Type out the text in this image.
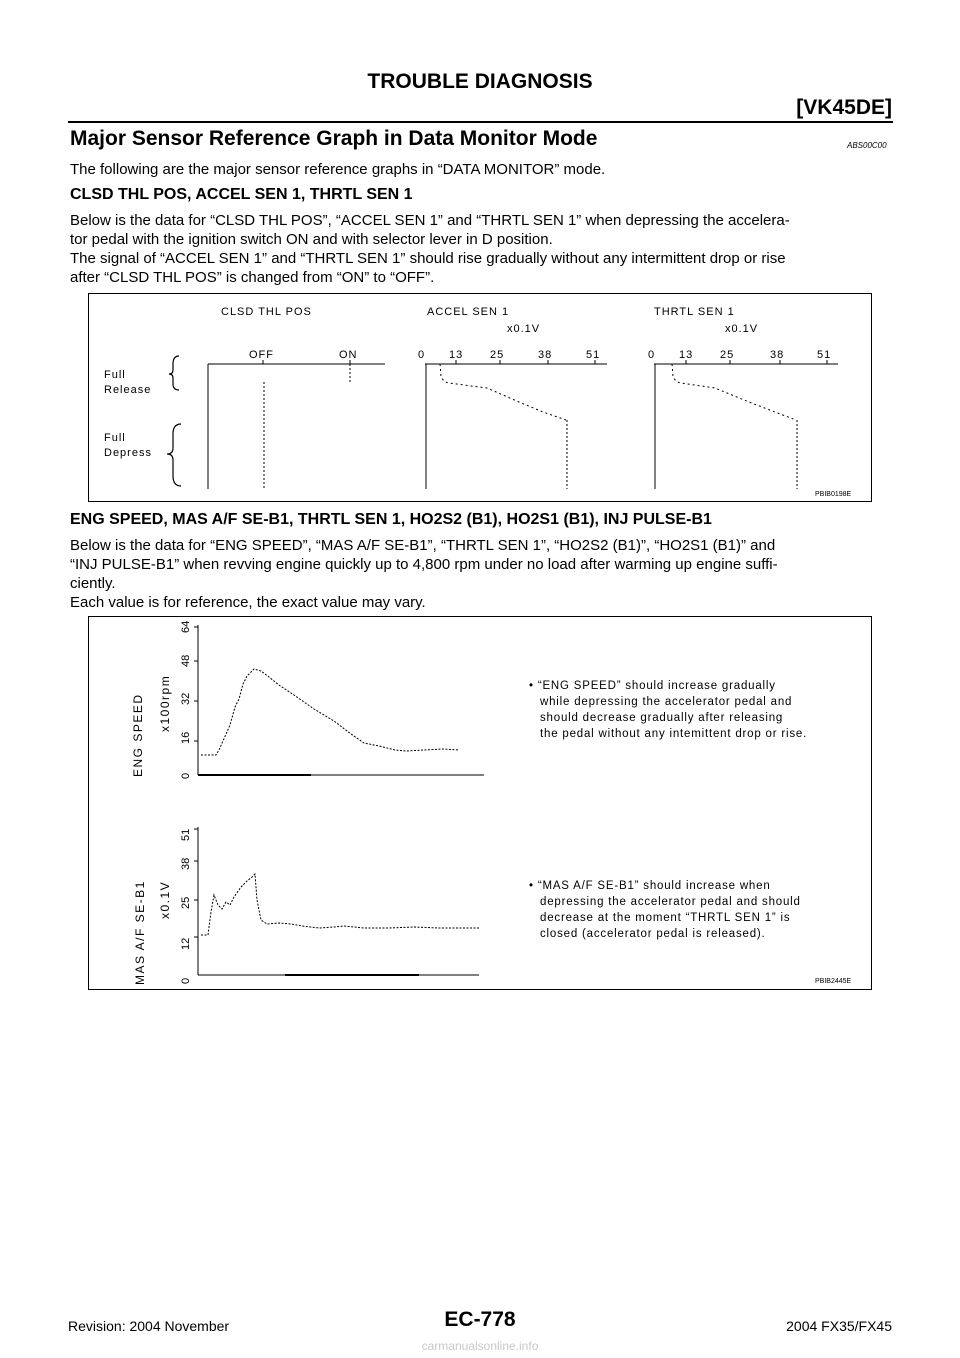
TROUBLE DIAGNOSIS
[VK45DE]
Major Sensor Reference Graph in Data Monitor Mode	ABS00C00
The following are the major sensor reference graphs in “DATA MONITOR” mode.
CLSD THL POS, ACCEL SEN 1, THRTL SEN 1
Below is the data for “CLSD THL POS”, “ACCEL SEN 1” and “THRTL SEN 1” when depressing the accelera-
tor pedal with the ignition switch ON and with selector lever in D position.
The signal of “ACCEL SEN 1” and “THRTL SEN 1” should rise gradually without any intermittent drop or rise
after “CLSD THL POS” is changed from “ON” to “OFF”.
CLSD THL POS	ACCEL SEN 1	THRTL SEN 1
x0.1V	x0.1V
Full
Release
Full
Depress
OFF	ON	0 13 25	38	51	0 13 25	38	51
PBIB0198E
ENG SPEED, MAS A/F SE-B1, THRTL SEN 1, HO2S2 (B1), HO2S1 (B1), INJ PULSE-B1
Below is the data for “ENG SPEED”, “MAS A/F SE-B1”, “THRTL SEN 1”, “HO2S2 (B1)”, “HO2S1 (B1)” and
“INJ PULSE-B1” when revving engine quickly up to 4,800 rpm under no load after warming up engine suffi-
ciently.
Each value is for reference, the exact value may vary.
ENG SPEED x100rpm
0
16
32
48
64
• “ENG SPEED” should increase gradually
while depressing the accelerator pedal and
should decrease gradually after releasing
the pedal without any intemittent drop or rise.
MAS A/F SE-B1 x0.1V
0
12
25
38
51
• “MAS A/F SE-B1” should increase when
depressing the accelerator pedal and should
decrease at the moment “THRTL SEN 1” is
closed (accelerator pedal is released).
PBIB2445E
Revision: 2004 November	EC-778	2004 FX35/FX45
carmanualsonline.info
